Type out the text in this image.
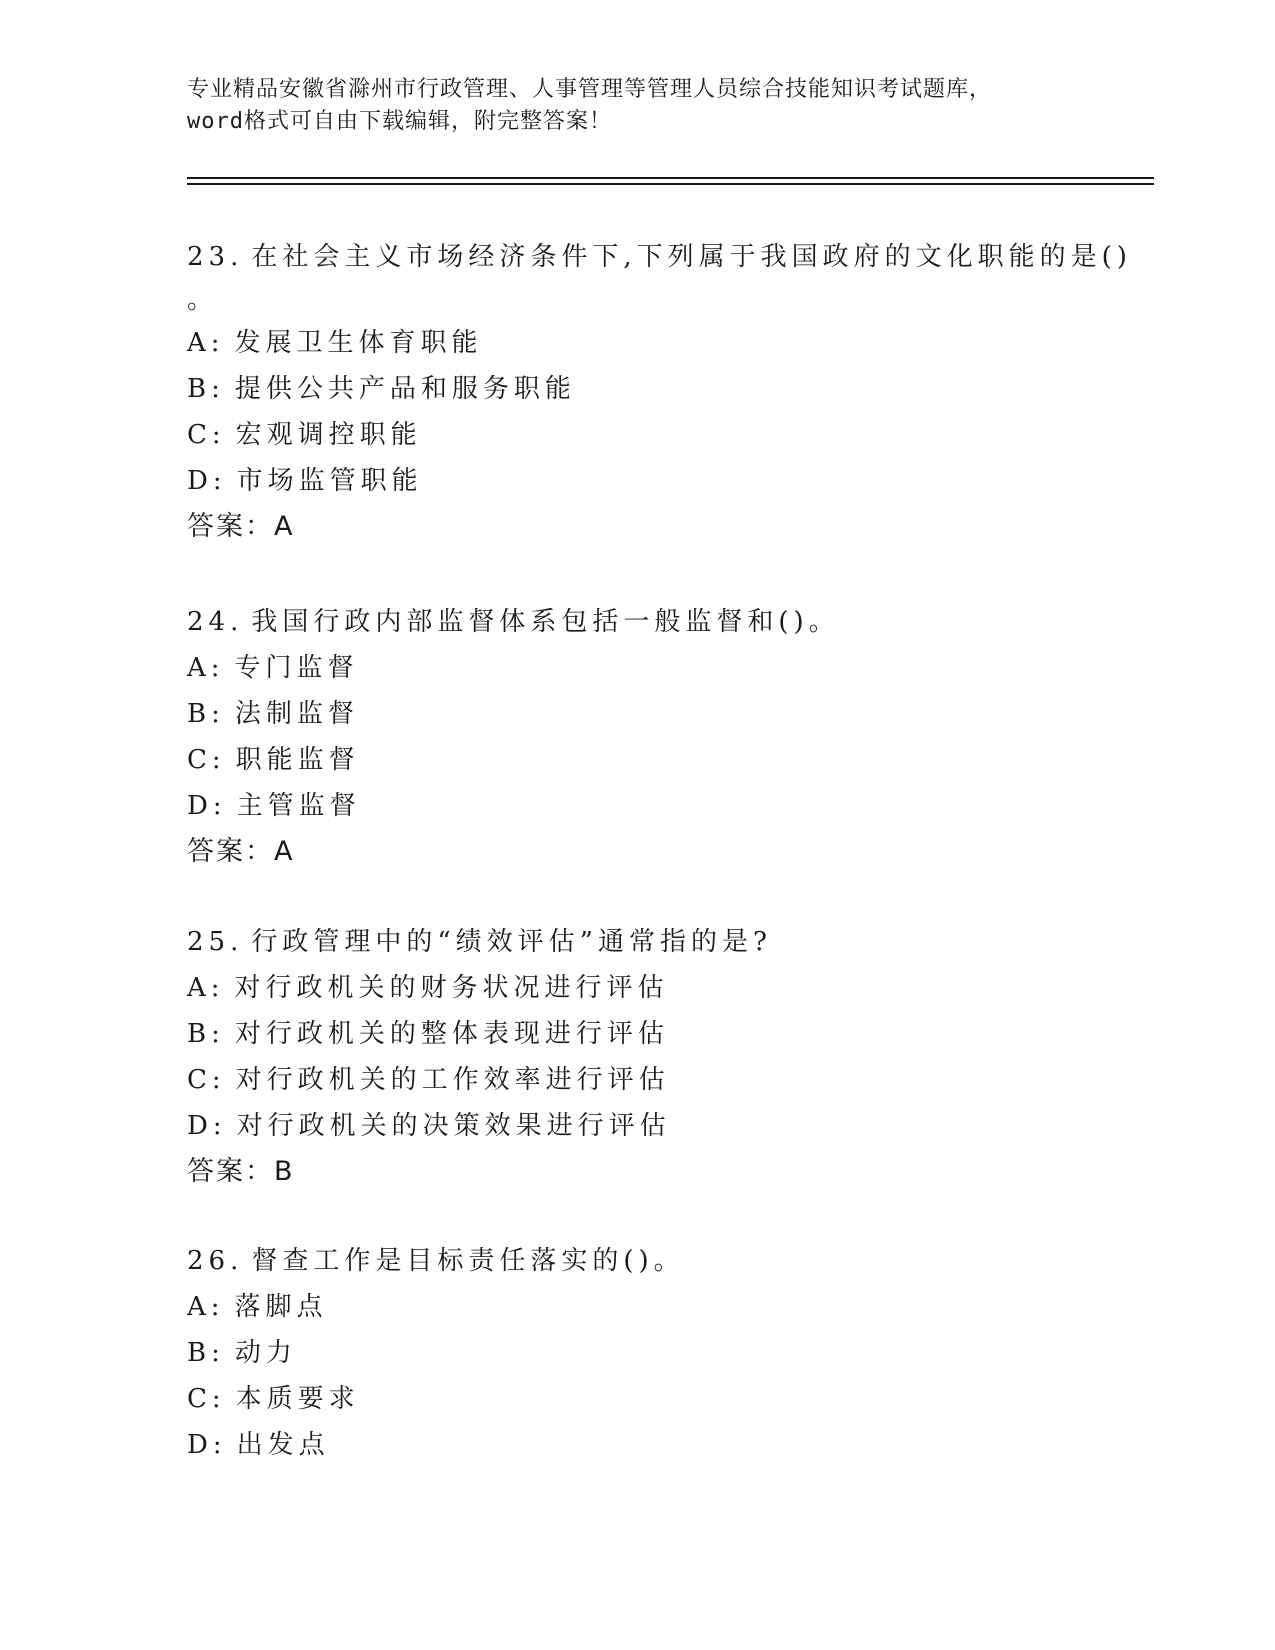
专业精品安徽省滁州市行政管理、人事管理等管理人员综合技能知识考试题库，
word格式可自由下载编辑，附完整答案！
23. 在社会主义市场经济条件下,下列属于我国政府的文化职能的是()
。
A: 发展卫生体育职能
B: 提供公共产品和服务职能
C: 宏观调控职能
D: 市场监管职能
答案：A
24. 我国行政内部监督体系包括一般监督和()。
A: 专门监督
B: 法制监督
C: 职能监督
D: 主管监督
答案：A
25. 行政管理中的“绩效评估”通常指的是?
A: 对行政机关的财务状况进行评估
B: 对行政机关的整体表现进行评估
C: 对行政机关的工作效率进行评估
D: 对行政机关的决策效果进行评估
答案：B
26. 督查工作是目标责任落实的()。
A: 落脚点
B: 动力
C: 本质要求
D: 出发点
